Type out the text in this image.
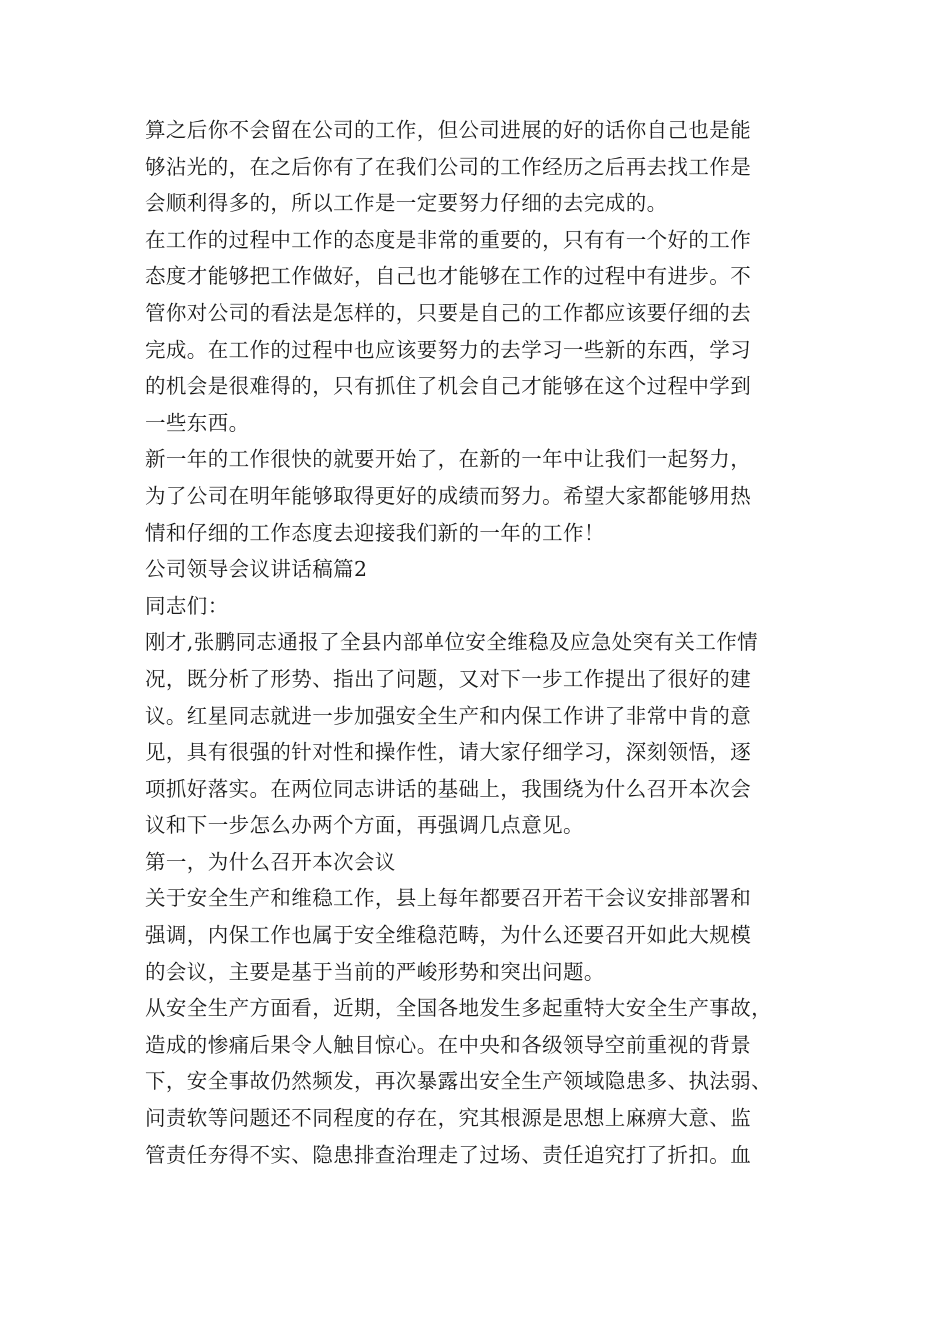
算之后你不会留在公司的工作，但公司进展的好的话你自己也是能
够沾光的，在之后你有了在我们公司的工作经历之后再去找工作是
会顺利得多的，所以工作是一定要努力仔细的去完成的。
在工作的过程中工作的态度是非常的重要的，只有有一个好的工作
态度才能够把工作做好，自己也才能够在工作的过程中有进步。不
管你对公司的看法是怎样的，只要是自己的工作都应该要仔细的去
完成。在工作的过程中也应该要努力的去学习一些新的东西，学习
的机会是很难得的，只有抓住了机会自己才能够在这个过程中学到
一些东西。
新一年的工作很快的就要开始了，在新的一年中让我们一起努力，
为了公司在明年能够取得更好的成绩而努力。希望大家都能够用热
情和仔细的工作态度去迎接我们新的一年的工作！
公司领导会议讲话稿篇2
同志们：
刚才,张鹏同志通报了全县内部单位安全维稳及应急处突有关工作情
况，既分析了形势、指出了问题，又对下一步工作提出了很好的建
议。红星同志就进一步加强安全生产和内保工作讲了非常中肯的意
见，具有很强的针对性和操作性，请大家仔细学习，深刻领悟，逐
项抓好落实。在两位同志讲话的基础上，我围绕为什么召开本次会
议和下一步怎么办两个方面，再强调几点意见。
第一，为什么召开本次会议
关于安全生产和维稳工作，县上每年都要召开若干会议安排部署和
强调，内保工作也属于安全维稳范畴，为什么还要召开如此大规模
的会议，主要是基于当前的严峻形势和突出问题。
从安全生产方面看，近期，全国各地发生多起重特大安全生产事故，
造成的惨痛后果令人触目惊心。在中央和各级领导空前重视的背景
下，安全事故仍然频发，再次暴露出安全生产领域隐患多、执法弱、
问责软等问题还不同程度的存在，究其根源是思想上麻痹大意、监
管责任夯得不实、隐患排查治理走了过场、责任追究打了折扣。血
